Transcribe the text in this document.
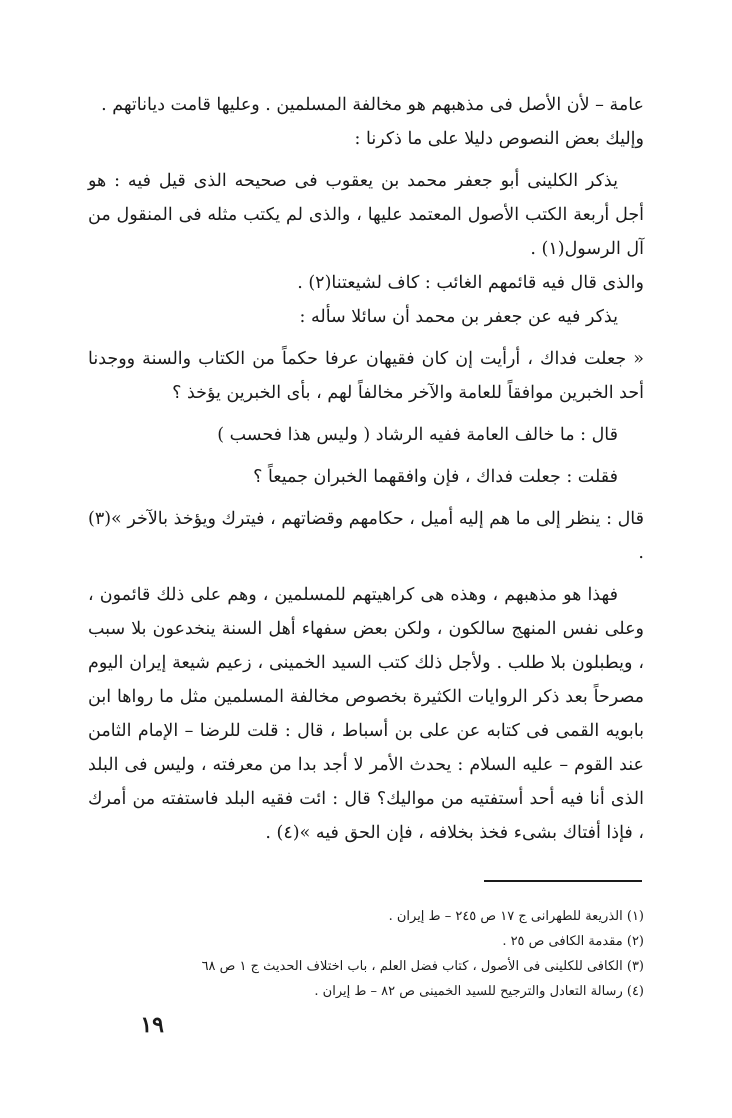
عامة – لأن الأصل فى مذهبهم هو مخالفة المسلمين . وعليها قامت دياناتهم .

وإليك بعض النصوص دليلا على ما ذكرنا :

يذكر الكلينى أبو جعفر محمد بن يعقوب فى صحيحه الذى قيل فيه : هو أجل أربعة الكتب الأصول المعتمد عليها ، والذى لم يكتب مثله فى المنقول من آل الرسول(١) .

والذى قال فيه قائمهم الغائب : كاف لشيعتنا(٢) .

يذكر فيه عن جعفر بن محمد أن سائلا سأله :

« جعلت فداك ، أرأيت إن كان فقيهان عرفا حكماً من الكتاب والسنة ووجدنا أحد الخبرين موافقاً للعامة والآخر مخالفاً لهم ، بأى الخبرين يؤخذ ؟

قال : ما خالف العامة ففيه الرشاد ( وليس هذا فحسب )

فقلت : جعلت فداك ، فإن وافقهما الخبران جميعاً ؟

قال : ينظر إلى ما هم إليه أميل ، حكامهم وقضاتهم ، فيترك ويؤخذ بالآخر »(٣) .

فهذا هو مذهبهم ، وهذه هى كراهيتهم للمسلمين ، وهم على ذلك قائمون ، وعلى نفس المنهج سالكون ، ولكن بعض سفهاء أهل السنة ينخدعون بلا سبب ، ويطبلون بلا طلب . ولأجل ذلك كتب السيد الخمينى ، زعيم شيعة إيران اليوم مصرحاً بعد ذكر الروايات الكثيرة بخصوص مخالفة المسلمين مثل ما رواها ابن بابويه القمى فى كتابه عن على بن أسباط ، قال : قلت للرضا – الإمام الثامن عند القوم – عليه السلام : يحدث الأمر لا أجد بدا من معرفته ، وليس فى البلد الذى أنا فيه أحد أستفتيه من مواليك؟ قال : ائت فقيه البلد فاستفته من أمرك ، فإذا أفتاك بشىء فخذ بخلافه ، فإن الحق فيه »(٤) .

(١) الذريعة للطهرانى ج ١٧ ص ٢٤٥ – ط إيران .
(٢) مقدمة الكافى ص ٢٥ .
(٣) الكافى للكلينى فى الأصول ، كتاب فضل العلم ، باب اختلاف الحديث ج ١ ص ٦٨
(٤) رسالة التعادل والترجيح للسيد الخمينى ص ٨٢ – ط إيران .
١٩
